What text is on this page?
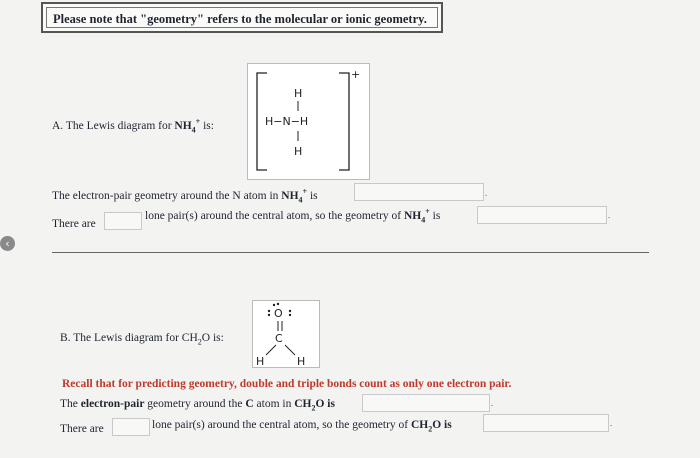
Please note that "geometry" refers to the molecular or ionic geometry.
‹
A. The Lewis diagram for $NH_4^+$ is:
+
H
H−N−H
H
The electron-pair geometry around the N atom in $NH_4^+$ is	.
There are
lone pair(s) around the central atom, so the geometry of $NH_4^+$ is	.
B. The Lewis diagram for $CH_2O$ is:
O
C
H	H
Recall that for predicting geometry, double and triple bonds count as only one electron pair.
The electron-pair geometry around the C atom in $CH_2O$ is	.
There are	lone pair(s) around the central atom, so the geometry of $CH_2O$ is	.
